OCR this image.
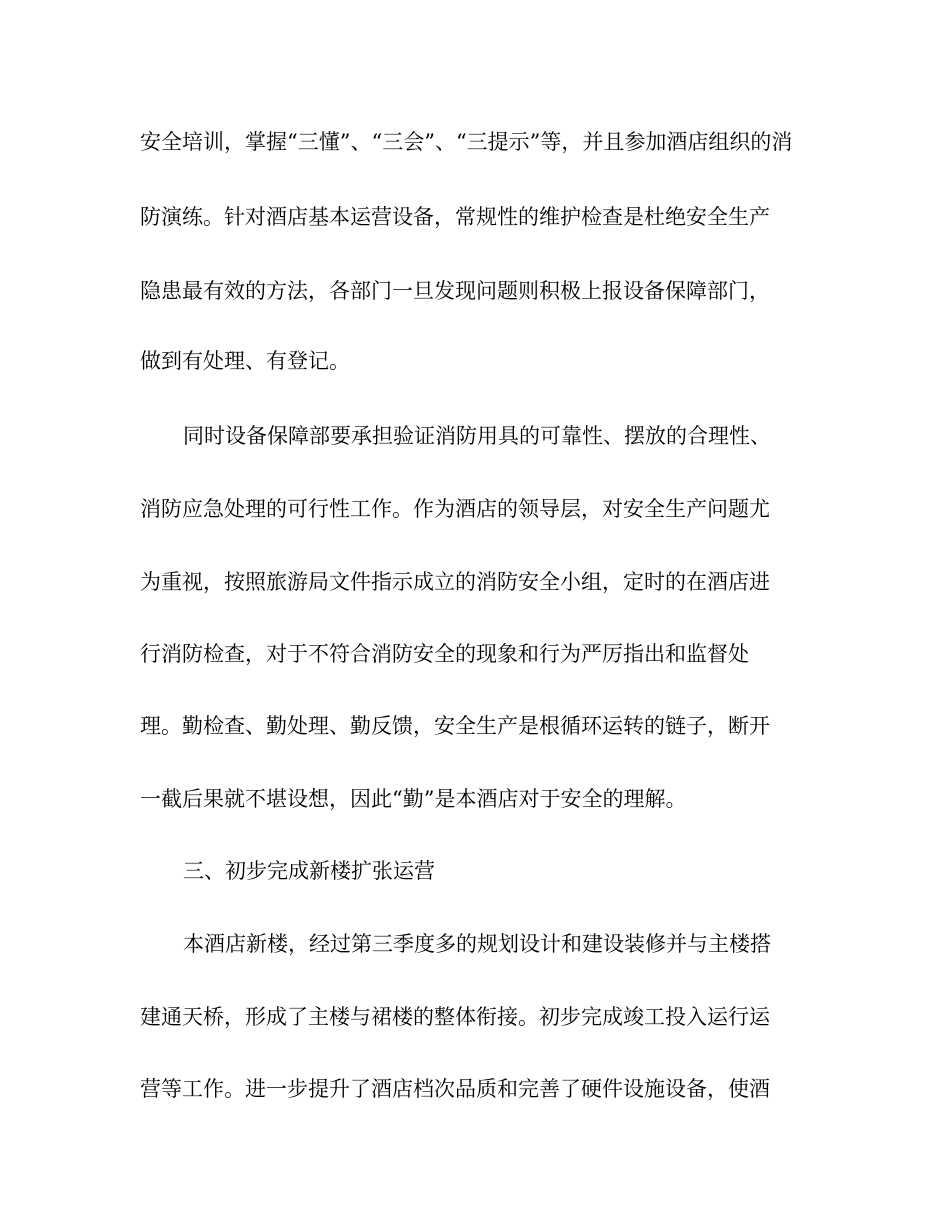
安全培训，掌握“三懂”、“三会”、“三提示”等，并且参加酒店组织的消
防演练。针对酒店基本运营设备，常规性的维护检查是杜绝安全生产
隐患最有效的方法，各部门一旦发现问题则积极上报设备保障部门，
做到有处理、有登记。
同时设备保障部要承担验证消防用具的可靠性、摆放的合理性、
消防应急处理的可行性工作。作为酒店的领导层，对安全生产问题尤
为重视，按照旅游局文件指示成立的消防安全小组，定时的在酒店进
行消防检查，对于不符合消防安全的现象和行为严厉指出和监督处
理。勤检查、勤处理、勤反馈，安全生产是根循环运转的链子，断开
一截后果就不堪设想，因此“勤”是本酒店对于安全的理解。
三、初步完成新楼扩张运营
本酒店新楼，经过第三季度多的规划设计和建设装修并与主楼搭
建通天桥，形成了主楼与裙楼的整体衔接。初步完成竣工投入运行运
营等工作。进一步提升了酒店档次品质和完善了硬件设施设备，使酒
